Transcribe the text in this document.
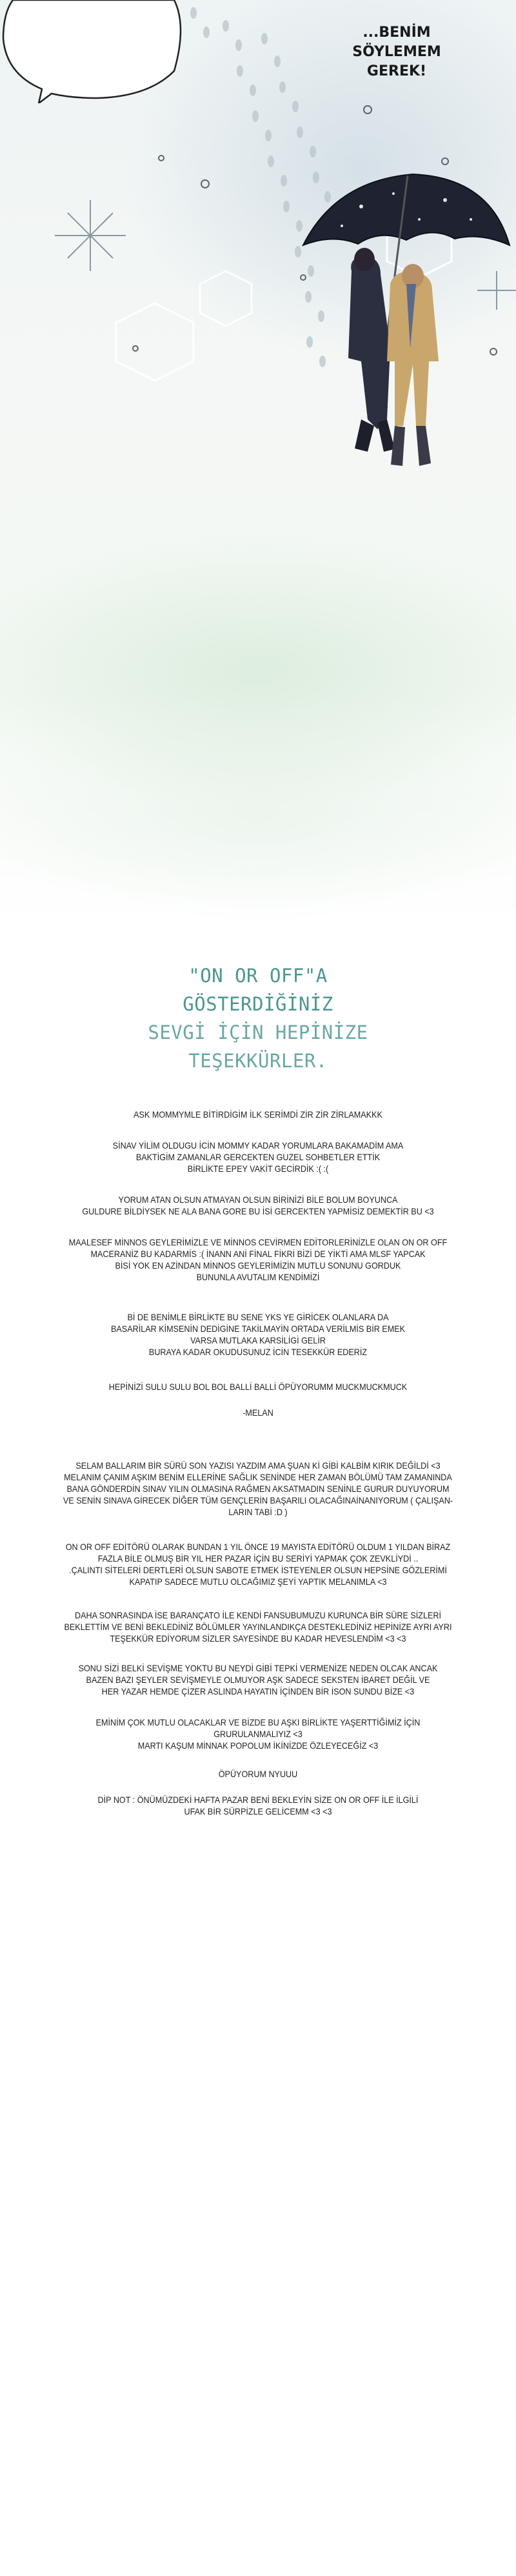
...BENİM
SÖYLEMEM
GEREK!
"ON OR OFF"A
GÖSTERDİĞİNİZ
SEVGİ İÇİN HEPİNİZE
TEŞEKKÜRLER.

ASK MOMMYMLE BİTİRDİGİM İLK SERİMDİ ZİR ZİR ZİRLAMAKKK

SİNAV YİLİM OLDUGU İCİN MOMMY KADAR YORUMLARA BAKAMADİM AMA
BAKTİGİM ZAMANLAR GERCEKTEN GUZEL SOHBETLER ETTİK
BİRLİKTE EPEY VAKİT GECİRDİK :( :(

YORUM ATAN OLSUN ATMAYAN OLSUN BİRİNİZİ BİLE BOLUM BOYUNCA
GULDURE BİLDİYSEK NE ALA BANA GORE BU İSİ GERCEKTEN YAPMİSİZ DEMEKTİR BU <3

MAALESEF MİNNOS GEYLERİMİZLE VE MİNNOS CEVİRMEN EDİTORLERİNİZLE OLAN ON OR OFF
MACERANİZ BU KADARMİS :( İNANN ANİ FİNAL FİKRİ BİZİ DE YİKTİ AMA MLSF YAPCAK
BİSİ YOK EN AZİNDAN MİNNOS GEYLERİMİZİN MUTLU SONUNU GORDUK
BUNUNLA AVUTALIM KENDİMİZİ

Bİ DE BENİMLE BİRLİKTE BU SENE YKS YE GİRİCEK OLANLARA DA
BASARİLAR KİMSENİN DEDİGİNE TAKİLMAYİN ORTADA VERİLMİS BİR EMEK
VARSA MUTLAKA KARSİLİGİ GELİR
BURAYA KADAR OKUDUSUNUZ İCİN TESEKKÜR EDERİZ

HEPİNİZİ SULU SULU BOL BOL BALLİ BALLİ ÖPÜYORUMM MUCKMUCKMUCK

-MELAN

SELAM BALLARIM BİR SÜRÜ SON YAZISI YAZDIM AMA ŞUAN Kİ GİBİ KALBİM KIRIK DEĞİLDİ <3
MELANIM ÇANIM AŞKIM BENİM ELLERİNE SAĞLIK SENİNDE HER ZAMAN BÖLÜMÜ TAM ZAMANINDA
BANA GÖNDERDİN SINAV YILIN OLMASINA RAĞMEN AKSATMADIN SENİNLE GURUR DUYUYORUM
VE SENİN SINAVA GİRECEK DİĞER TÜM GENÇLERİN BAŞARILI OLACAĞINAİNANIYORUM ( ÇALIŞAN-
LARIN TABİ :D )

ON OR OFF EDİTÖRÜ OLARAK BUNDAN 1 YIL ÖNCE 19 MAYISTA EDİTÖRÜ OLDUM 1 YILDAN BİRAZ
FAZLA BİLE OLMUŞ BİR YIL HER PAZAR İÇİN BU SERİYİ YAPMAK ÇOK ZEVKLİYDİ ..
.ÇALINTI SİTELERİ DERTLERİ OLSUN SABOTE ETMEK İSTEYENLER OLSUN HEPSİNE GÖZLERİMİ
KAPATIP SADECE MUTLU OLCAĞIMIZ ŞEYİ YAPTIK MELANIMLA <3

DAHA SONRASINDA İSE BARANÇATO İLE KENDİ FANSUBUMUZU KURUNCA BİR SÜRE SİZLERİ
BEKLETTİM VE BENİ BEKLEDİNİZ BÖLÜMLER YAYINLANDIKÇA DESTEKLEDİNİZ HEPİNİZE AYRI AYRI
TEŞEKKÜR EDİYORUM SİZLER SAYESİNDE BU KADAR HEVESLENDİM <3 <3

SONU SİZİ BELKİ SEVİŞME YOKTU BU NEYDİ GİBİ TEPKİ VERMENİZE NEDEN OLCAK ANCAK
BAZEN BAZI ŞEYLER SEVİŞMEYLE OLMUYOR AŞK SADECE SEKSTEN İBARET DEĞİL VE
HER YAZAR HEMDE ÇİZER ASLINDA HAYATIN İÇİNDEN BİR İSON SUNDU BİZE <3

EMİNİM ÇOK MUTLU OLACAKLAR VE BİZDE BU AŞKI BİRLİKTE YAŞERTTİĞİMİZ İÇİN
GRURULANMALIYIZ <3
MARTI KAŞUM MİNNAK POPOLUM İKİNİZDE ÖZLEYECEĞİZ <3

ÖPÜYORUM NYUUU

DİP NOT : ÖNÜMÜZDEKİ HAFTA PAZAR BENİ BEKLEYİN SİZE ON OR OFF İLE İLGİLİ
UFAK BİR SÜRPİZLE GELİCEMM <3 <3
